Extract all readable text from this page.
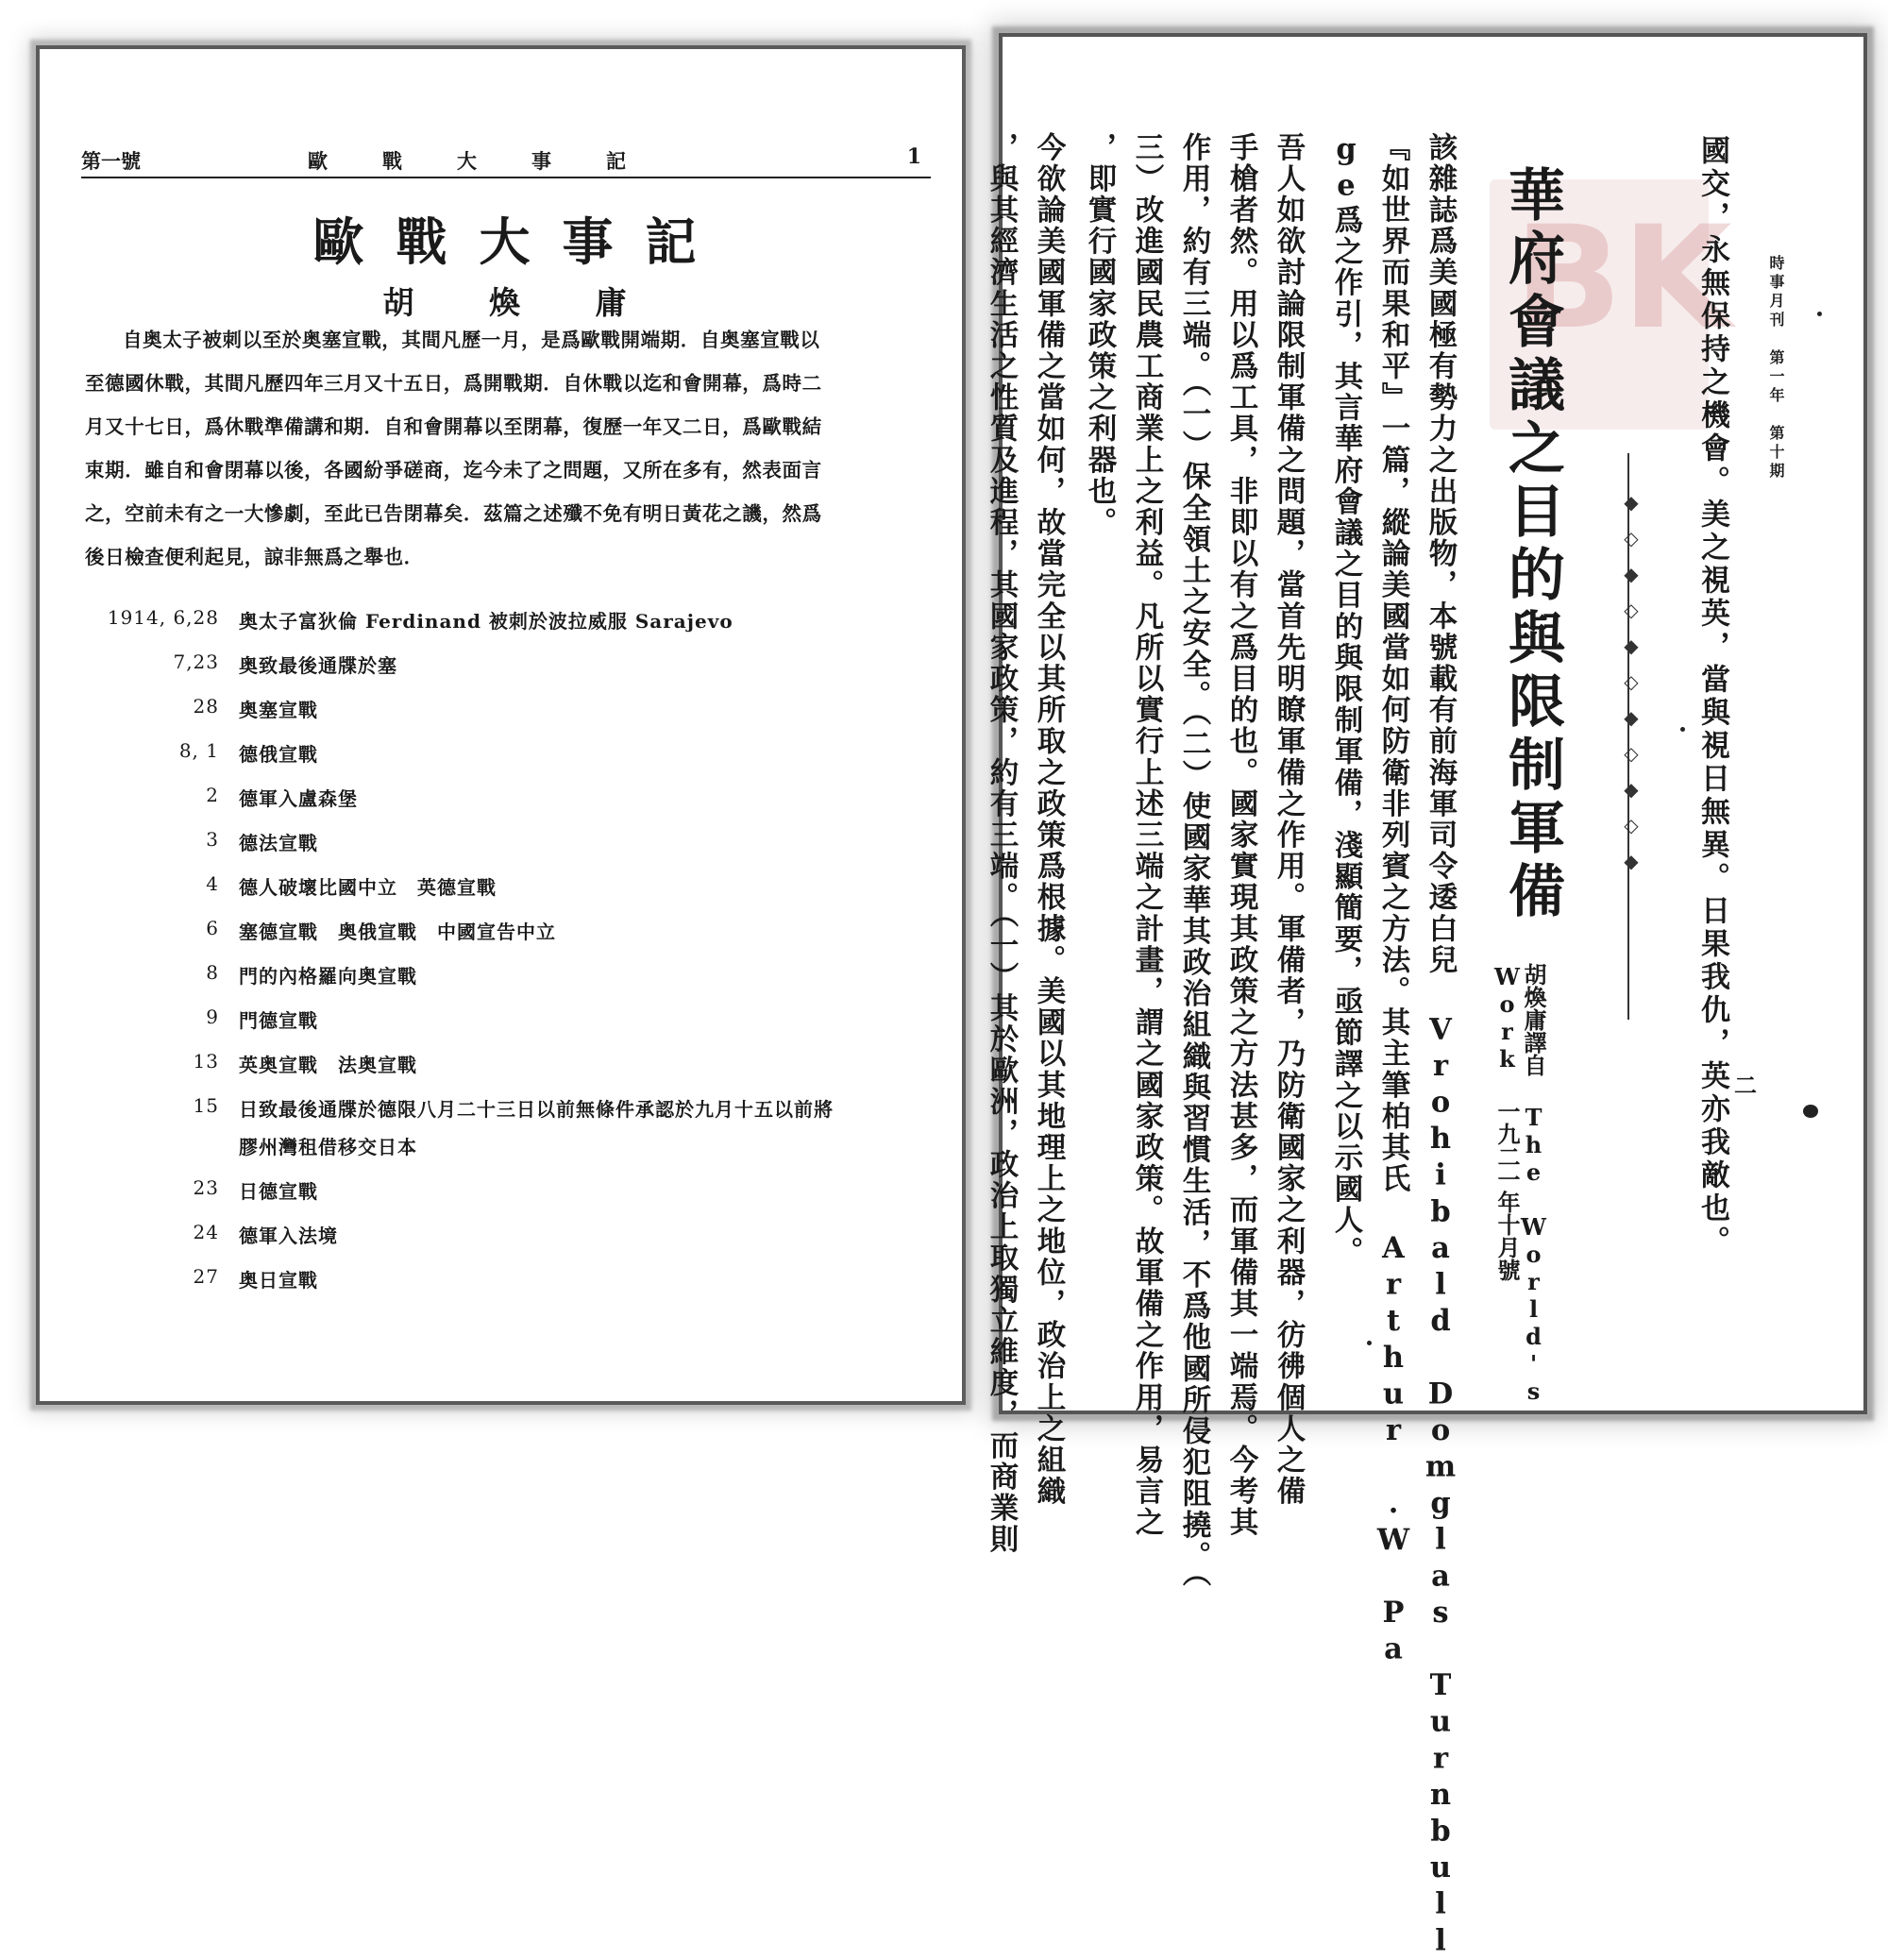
第一號	歐戰大事記	1
歐戰大事記
胡 煥 庸
自奥太子被刺以至於奥塞宣戰，其間凡歷一月，是爲歐戰開端期．自奥塞宣戰以
至德國休戰，其間凡歷四年三月又十五日，爲開戰期．自休戰以迄和會開幕，爲時二
月又十七日，爲休戰準備講和期．自和會開幕以至閉幕，復歷一年又二日，爲歐戰結
束期．雖自和會閉幕以後，各國紛爭磋商，迄今未了之問題，又所在多有，然表面言
之，空前未有之一大慘劇，至此已告閉幕矣．茲篇之述殲不免有明日黃花之譏，然爲
後日檢查便利起見，諒非無爲之舉也．
1914, 6,28 奥太子富狄倫 Ferdinand 被刺於波拉威服 Sarajevo
7,23 奥致最後通牒於塞
28 奥塞宣戰
8, 1 德俄宣戰
2 德軍入盧森堡
3 德法宣戰
4 德人破壞比國中立　英德宣戰
6 塞德宣戰　奥俄宣戰　中國宣告中立
8 門的內格羅向奥宣戰
9 門德宣戰
13 英奥宣戰　法奥宣戰
15 日致最後通牒於德限八月二十三日以前無條件承認於九月十五以前將
膠州灣租借移交日本
23 日德宣戰
24 德軍入法境
27 奥日宣戰
BK 時事月刊　第一年　第十期
國交，永無保持之機會。美之視英，當與視日無異。日果我仇，英亦我敵也。
◆◇◆◇◆◇◆◇◆◇◆
華府會議之目的與限制軍備
胡煥庸譯自 The World's
Work 一九二一年十月號	二
該雜誌爲美國極有勢力之出版物，本號載有前海軍司令逶白兒 Vrohibald Domglas Turnbull
『如世界而果和平』一篇，縱論美國當如何防衛非列賓之方法。其主筆柏其氏 Arthur .W Pa
ge爲之作引，其言華府會議之目的與限制軍備，淺顯簡要，亟節譯之以示國人。
吾人如欲討論限制軍備之問題，當首先明瞭軍備之作用。軍備者，乃防衛國家之利器，彷彿個人之備
手槍者然。用以爲工具，非即以有之爲目的也。國家實現其政策之方法甚多，而軍備其一端焉。今考其
作用，約有三端。（一）保全領土之安全。（二）使國家華其政治組織與習慣生活，不爲他國所侵犯阻撓。（
三）改進國民農工商業上之利益。凡所以實行上述三端之計畫，謂之國家政策。故軍備之作用，易言之
，即實行國家政策之利器也。
今欲論美國軍備之當如何，故當完全以其所取之政策爲根據。美國以其地理上之地位，政治上之組織
，與其經濟生活之性質及進程，其國家政策，約有三端。（一）其於歐洲，政治上取獨立維度，而商業則
